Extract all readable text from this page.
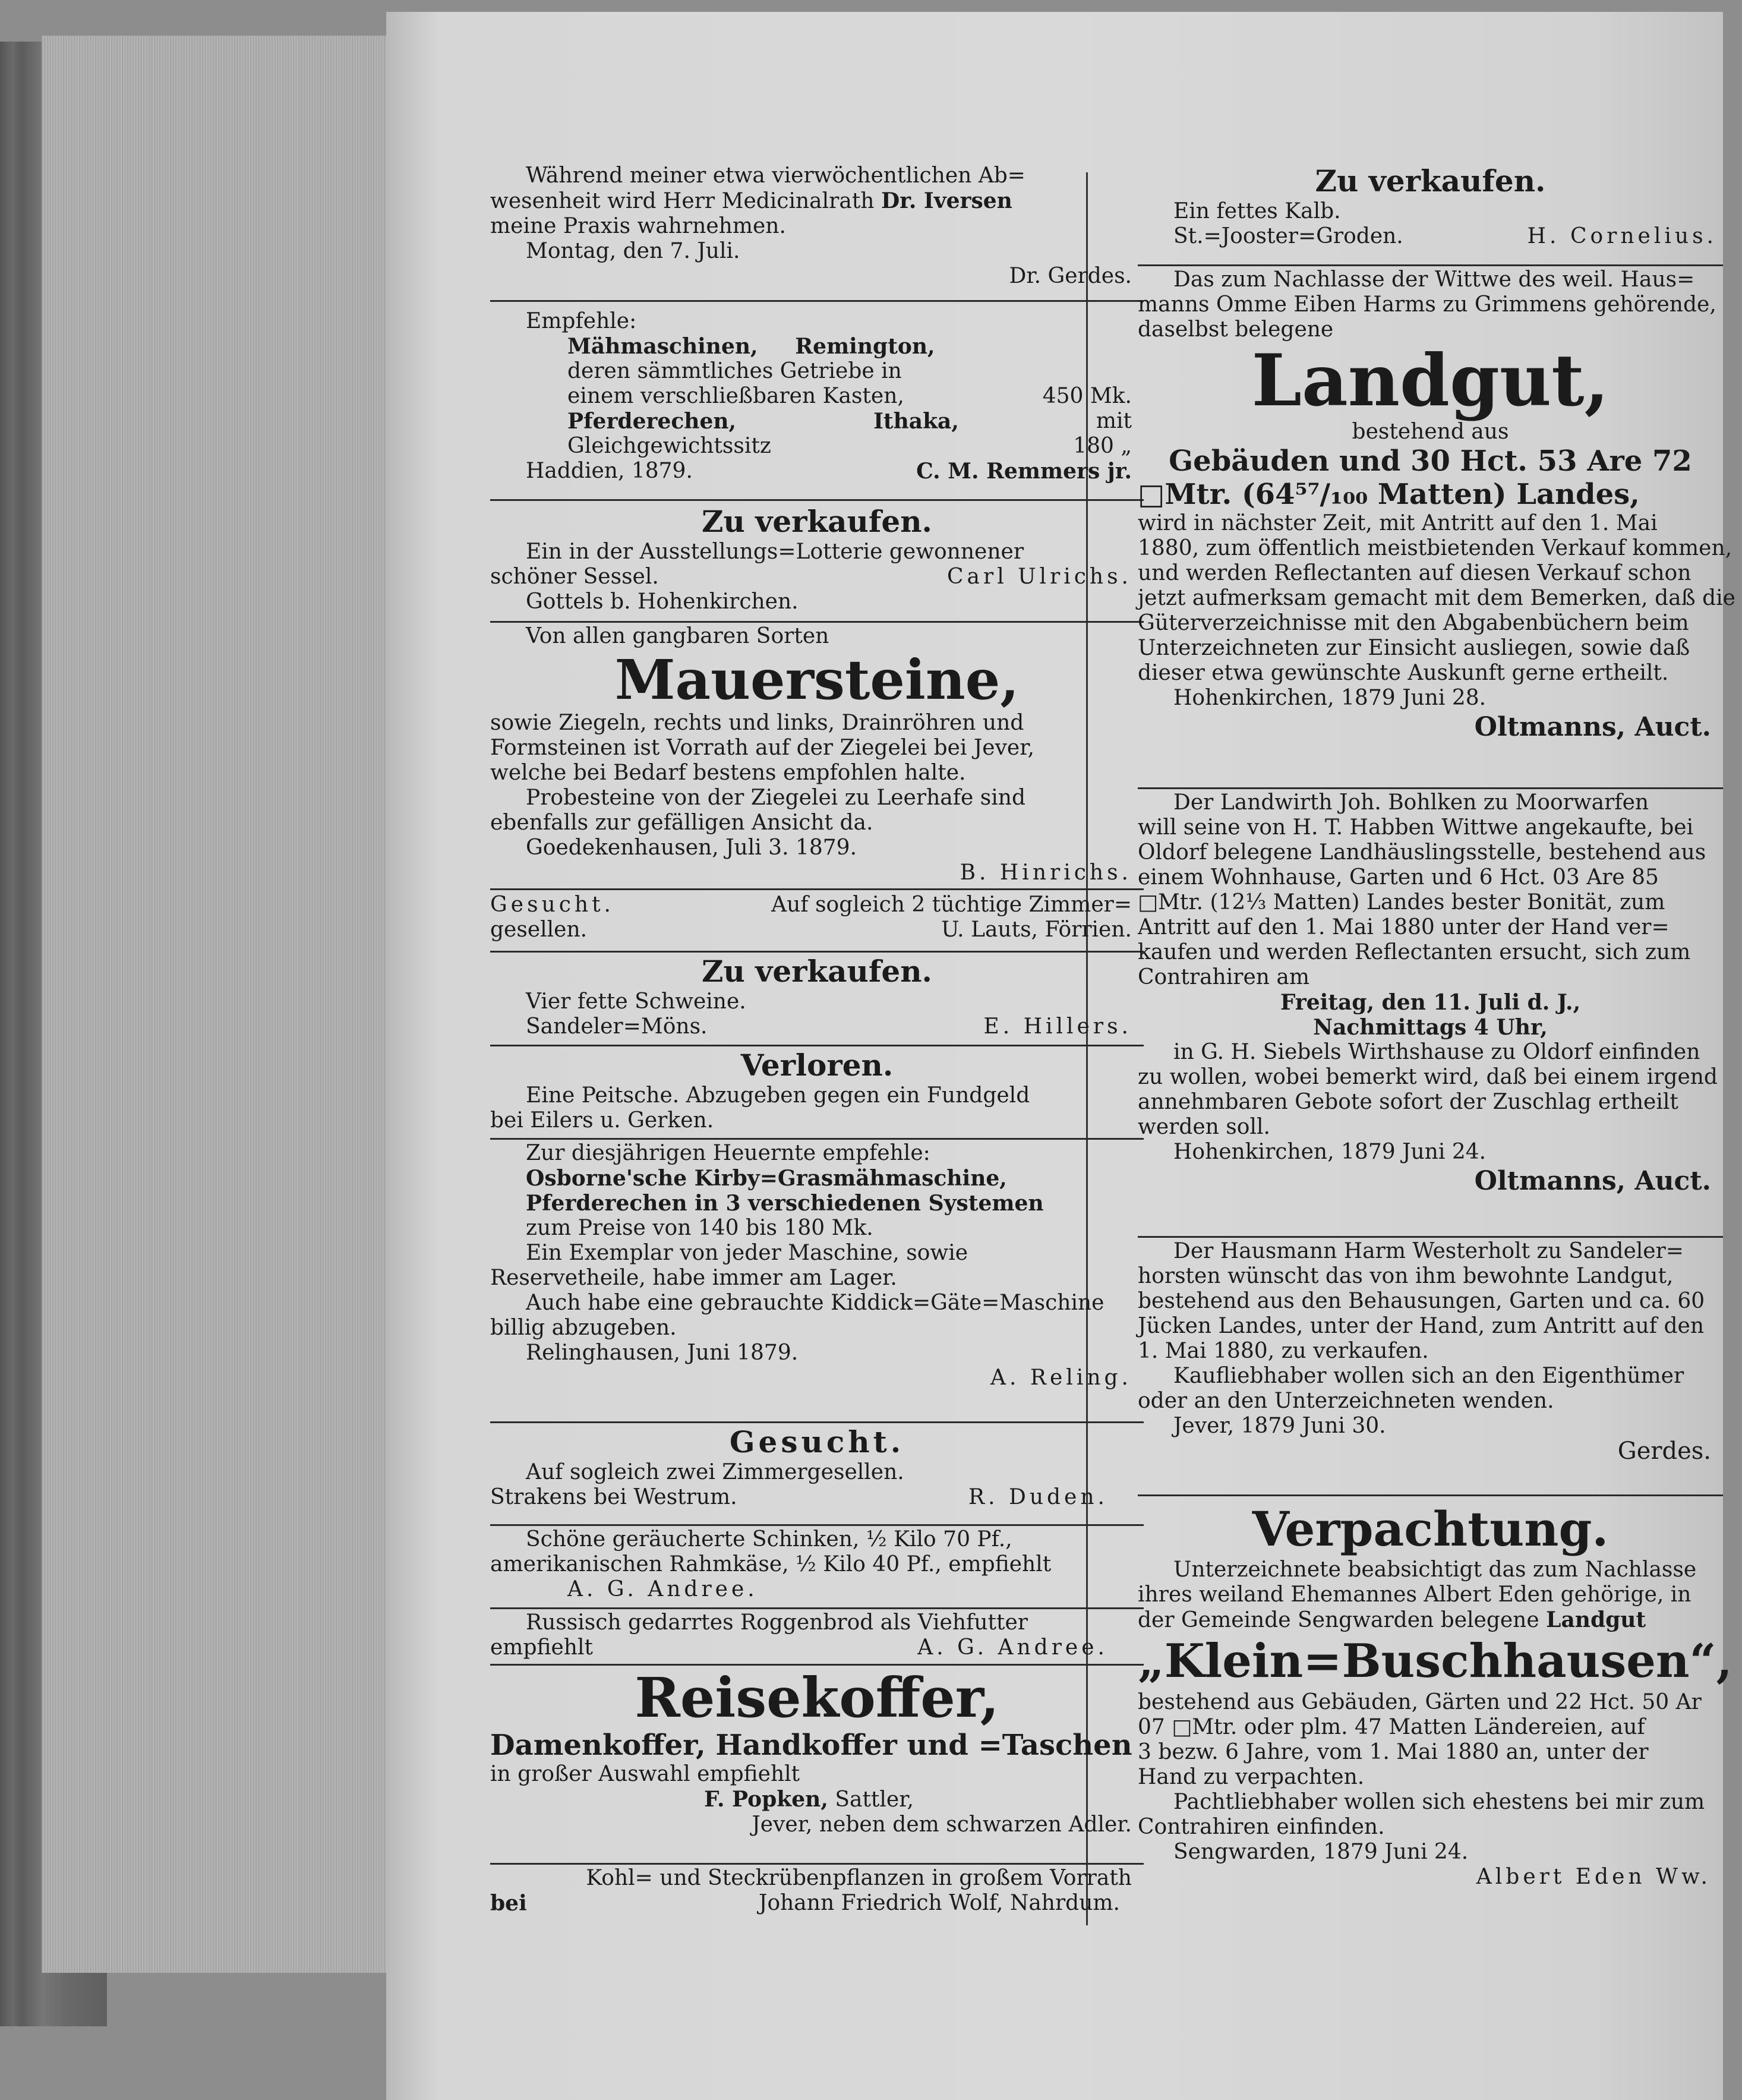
Während meiner etwa vierwöchentlichen Ab=
wesenheit wird Herr Medicinalrath Dr. Iversen
meine Praxis wahrnehmen.
Montag, den 7. Juli.
Dr. Gerdes.
Empfehle:
Mähmaschinen, Remington,
deren sämmtliches Getriebe in
einem verschließbaren Kasten,	450 Mk.
Pferderechen,	Ithaka,	mit
Gleichgewichtssitz	180 „
Haddien, 1879.	C. M. Remmers jr.
Zu verkaufen.
Ein in der Ausstellungs=Lotterie gewonnener
schöner Sessel.	Carl Ulrichs.
Gottels b. Hohenkirchen.
Von allen gangbaren Sorten
Mauersteine,
sowie Ziegeln, rechts und links, Drainröhren und
Formsteinen ist Vorrath auf der Ziegelei bei Jever,
welche bei Bedarf bestens empfohlen halte.
Probesteine von der Ziegelei zu Leerhafe sind
ebenfalls zur gefälligen Ansicht da.
Goedekenhausen, Juli 3. 1879.
B. Hinrichs.
Gesucht.	Auf sogleich 2 tüchtige Zimmer=
gesellen.	U. Lauts, Förrien.
Zu verkaufen.
Vier fette Schweine.
Sandeler=Möns.	E. Hillers.
Verloren.
Eine Peitsche. Abzugeben gegen ein Fundgeld
bei Eilers u. Gerken.
Zur diesjährigen Heuernte empfehle:
Osborne'sche Kirby=Grasmähmaschine,
Pferderechen in 3 verschiedenen Systemen
zum Preise von 140 bis 180 Mk.
Ein Exemplar von jeder Maschine, sowie
Reservetheile, habe immer am Lager.
Auch habe eine gebrauchte Kiddick=Gäte=Maschine
billig abzugeben.
Relinghausen, Juni 1879.
A. Reling.
Gesucht.
Auf sogleich zwei Zimmergesellen.
Strakens bei Westrum.	R. Duden.
Schöne geräucherte Schinken, ½ Kilo 70 Pf.,
amerikanischen Rahmkäse, ½ Kilo 40 Pf., empfiehlt
A. G. Andree.
Russisch gedarrtes Roggenbrod als Viehfutter
empfiehlt	A. G. Andree.
Reisekoffer,
Damenkoffer, Handkoffer und =Taschen
in großer Auswahl empfiehlt
F. Popken, Sattler,
Jever, neben dem schwarzen Adler.
Kohl= und Steckrübenpflanzen in großem Vorrath
bei	Johann Friedrich Wolf, Nahrdum.
Zu verkaufen.
Ein fettes Kalb.
St.=Jooster=Groden.	H. Cornelius.
Das zum Nachlasse der Wittwe des weil. Haus=
manns Omme Eiben Harms zu Grimmens gehörende,
daselbst belegene
Landgut,
bestehend aus
Gebäuden und 30 Hct. 53 Are 72
□Mtr. (64⁵⁷/₁₀₀ Matten) Landes,
wird in nächster Zeit, mit Antritt auf den 1. Mai
1880, zum öffentlich meistbietenden Verkauf kommen,
und werden Reflectanten auf diesen Verkauf schon
jetzt aufmerksam gemacht mit dem Bemerken, daß die
Güterverzeichnisse mit den Abgabenbüchern beim
Unterzeichneten zur Einsicht ausliegen, sowie daß
dieser etwa gewünschte Auskunft gerne ertheilt.
Hohenkirchen, 1879 Juni 28.
Oltmanns, Auct.
Der Landwirth Joh. Bohlken zu Moorwarfen
will seine von H. T. Habben Wittwe angekaufte, bei
Oldorf belegene Landhäuslingsstelle, bestehend aus
einem Wohnhause, Garten und 6 Hct. 03 Are 85
□Mtr. (12⅓ Matten) Landes bester Bonität, zum
Antritt auf den 1. Mai 1880 unter der Hand ver=
kaufen und werden Reflectanten ersucht, sich zum
Contrahiren am
Freitag, den 11. Juli d. J.,
Nachmittags 4 Uhr,
in G. H. Siebels Wirthshause zu Oldorf einfinden
zu wollen, wobei bemerkt wird, daß bei einem irgend
annehmbaren Gebote sofort der Zuschlag ertheilt
werden soll.
Hohenkirchen, 1879 Juni 24.
Oltmanns, Auct.
Der Hausmann Harm Westerholt zu Sandeler=
horsten wünscht das von ihm bewohnte Landgut,
bestehend aus den Behausungen, Garten und ca. 60
Jücken Landes, unter der Hand, zum Antritt auf den
1. Mai 1880, zu verkaufen.
Kaufliebhaber wollen sich an den Eigenthümer
oder an den Unterzeichneten wenden.
Jever, 1879 Juni 30.
Gerdes.
Verpachtung.
Unterzeichnete beabsichtigt das zum Nachlasse
ihres weiland Ehemannes Albert Eden gehörige, in
der Gemeinde Sengwarden belegene Landgut
„Klein=Buschhausen“,
bestehend aus Gebäuden, Gärten und 22 Hct. 50 Ar
07 □Mtr. oder plm. 47 Matten Ländereien, auf
3 bezw. 6 Jahre, vom 1. Mai 1880 an, unter der
Hand zu verpachten.
Pachtliebhaber wollen sich ehestens bei mir zum
Contrahiren einfinden.
Sengwarden, 1879 Juni 24.
Albert Eden Ww.
